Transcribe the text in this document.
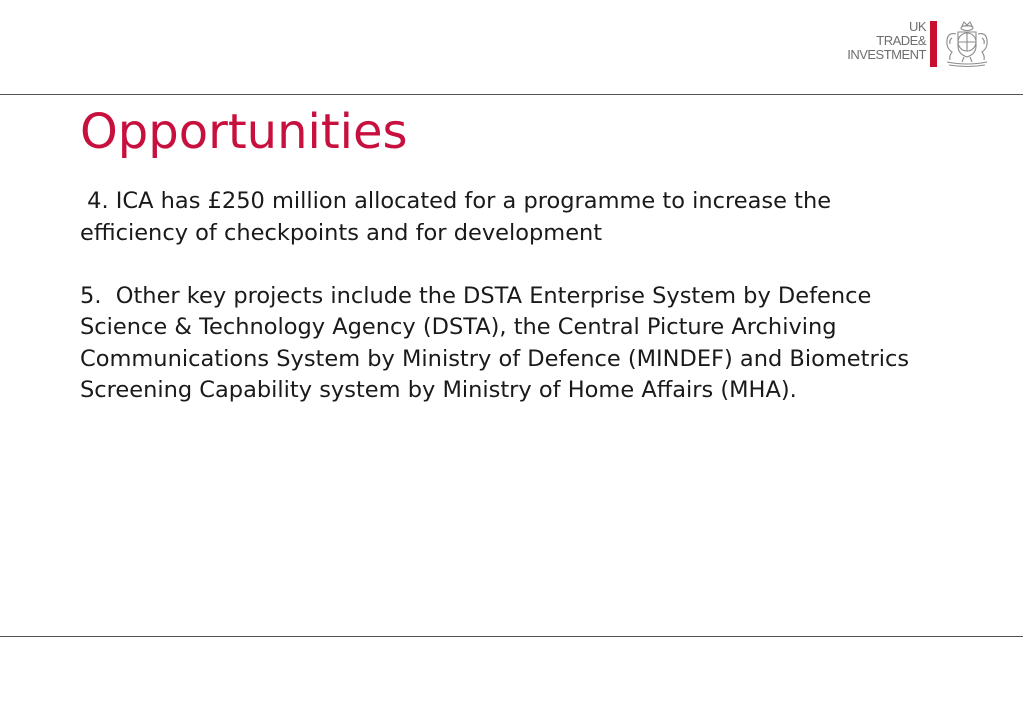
UK
TRADE&
INVESTMENT
Opportunities

4. ICA has £250 million allocated for a programme to increase the efficiency of checkpoints and for development

5.  Other key projects include the DSTA Enterprise System by Defence Science & Technology Agency (DSTA), the Central Picture Archiving Communications System by Ministry of Defence (MINDEF) and Biometrics Screening Capability system by Ministry of Home Affairs (MHA).
